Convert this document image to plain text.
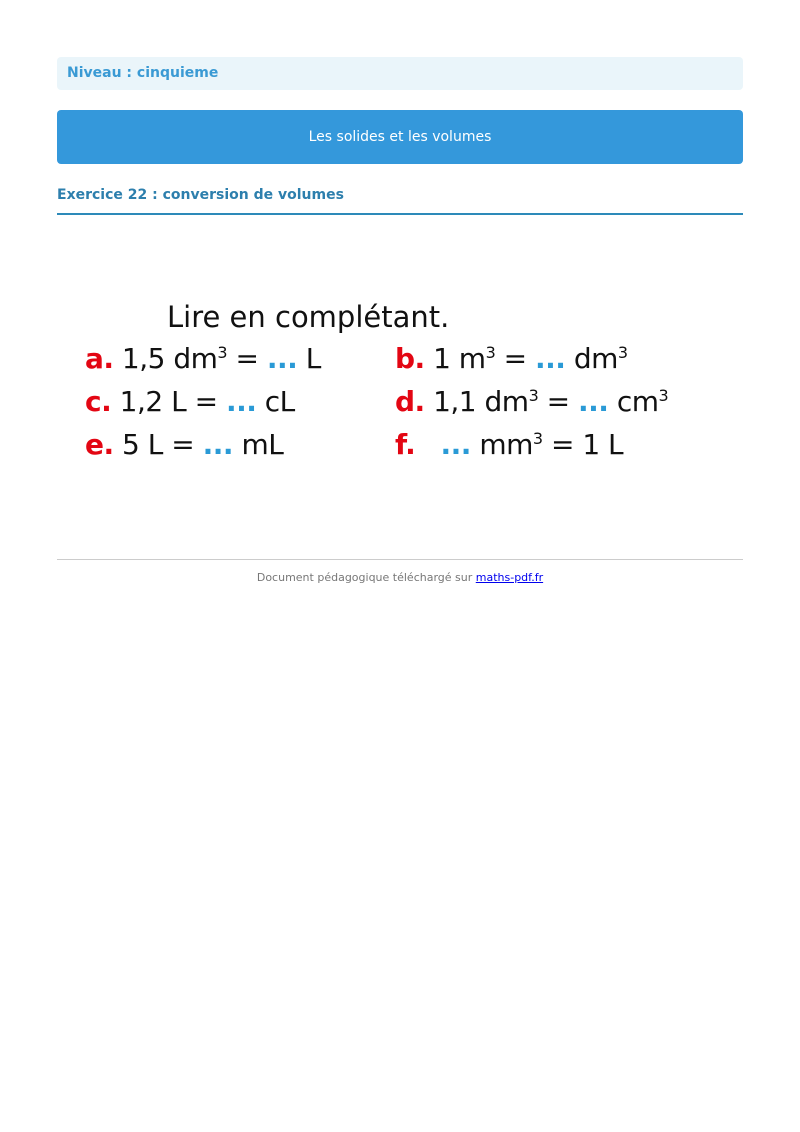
Niveau : cinquieme
Les solides et les volumes
Exercice 22 : conversion de volumes
Lire en complétant.
a. 1,5 $dm^3$ = ... L	b. 1 $m^3$ = ... $dm^3$
c. 1,2 L = ... cL	d. 1,1 $dm^3$ = ... $cm^3$
e. 5 L = ... mL	f. ... $mm^3 = 1$ L
Document pédagogique téléchargé sur maths-pdf.fr
